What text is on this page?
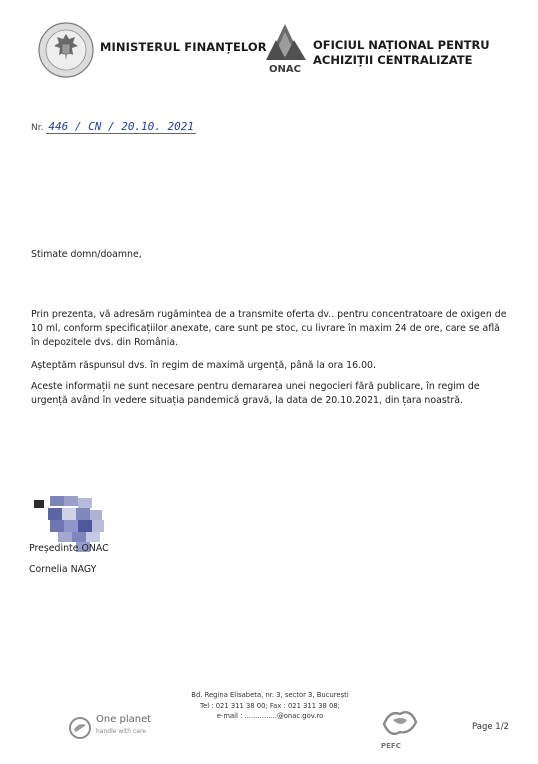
MINISTERUL FINANȚELOR
ONAC
OFICIUL NAȚIONAL PENTRU
ACHIZIȚII CENTRALIZATE
Nr. 446 / CN / 20.10. 2021
Stimate domn/doamne,
Prin prezenta, vă adresăm rugămintea de a transmite oferta dv.. pentru concentratoare de oxigen de 10 ml, conform specificațiilor anexate, care sunt pe stoc, cu livrare în maxim 24 de ore, care se află în depozitele dvs. din România.
Așteptăm răspunsul dvs. în regim de maximă urgență, până la ora 16.00.
Aceste informații ne sunt necesare pentru demararea unei negocieri fără publicare, în regim de urgență având în vedere situația pandemică gravă, la data de 20.10.2021, din țara noastră.
Președinte ONAC
Cornelia NAGY
Bd. Regina Elisabeta, nr. 3, sector 3, București
Tel : 021 311 38 00; Fax : 021 311 38 08;
e-mail : ...............@onac.gov.ro
One planet
handle with care
PEFC
Page 1/2
